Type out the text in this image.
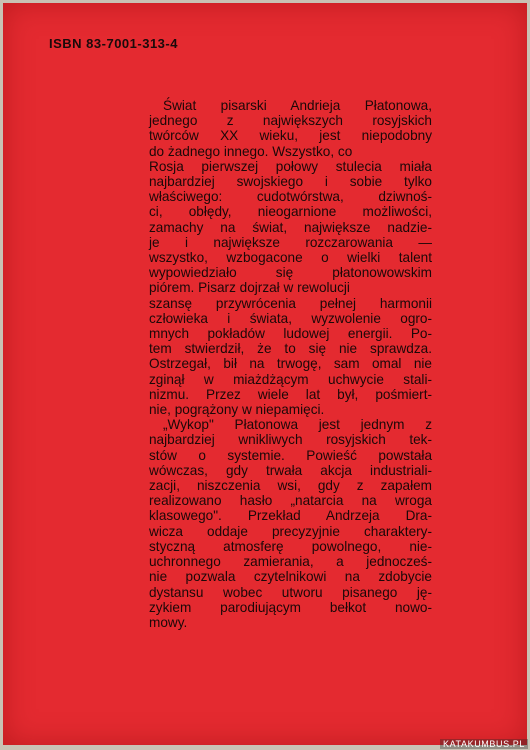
ISBN 83-7001-313-4

Świat pisarski Andrieja Płatonowa,
jednego z największych rosyjskich
twórców XX wieku, jest niepodobny
do żadnego innego. Wszystko, co
Rosja pierwszej połowy stulecia miała
najbardziej swojskiego i sobie tylko
właściwego: cudotwórstwa, dziwnoś-
ci, obłędy, nieogarnione możliwości,
zamachy na świat, największe nadzie-
je i największe rozczarowania —
wszystko, wzbogacone o wielki talent
wypowiedziało się płatonowowskim
piórem. Pisarz dojrzał w rewolucji
szansę przywrócenia pełnej harmonii
człowieka i świata, wyzwolenie ogro-
mnych pokładów ludowej energii. Po-
tem stwierdził, że to się nie sprawdza.
Ostrzegał, bił na trwogę, sam omal nie
zginął w miażdżącym uchwycie stali-
nizmu. Przez wiele lat był, pośmiert-
nie, pogrążony w niepamięci.
„Wykop" Płatonowa jest jednym z
najbardziej wnikliwych rosyjskich tek-
stów o systemie. Powieść powstała
wówczas, gdy trwała akcja industriali-
zacji, niszczenia wsi, gdy z zapałem
realizowano hasło „natarcia na wroga
klasowego". Przekład Andrzeja Dra-
wicza oddaje precyzyjnie charaktery-
styczną atmosferę powolnego, nie-
uchronnego zamierania, a jednocześ-
nie pozwala czytelnikowi na zdobycie
dystansu wobec utworu pisanego ję-
zykiem parodiującym bełkot nowo-
mowy.
KATAKUMBUS.PL
